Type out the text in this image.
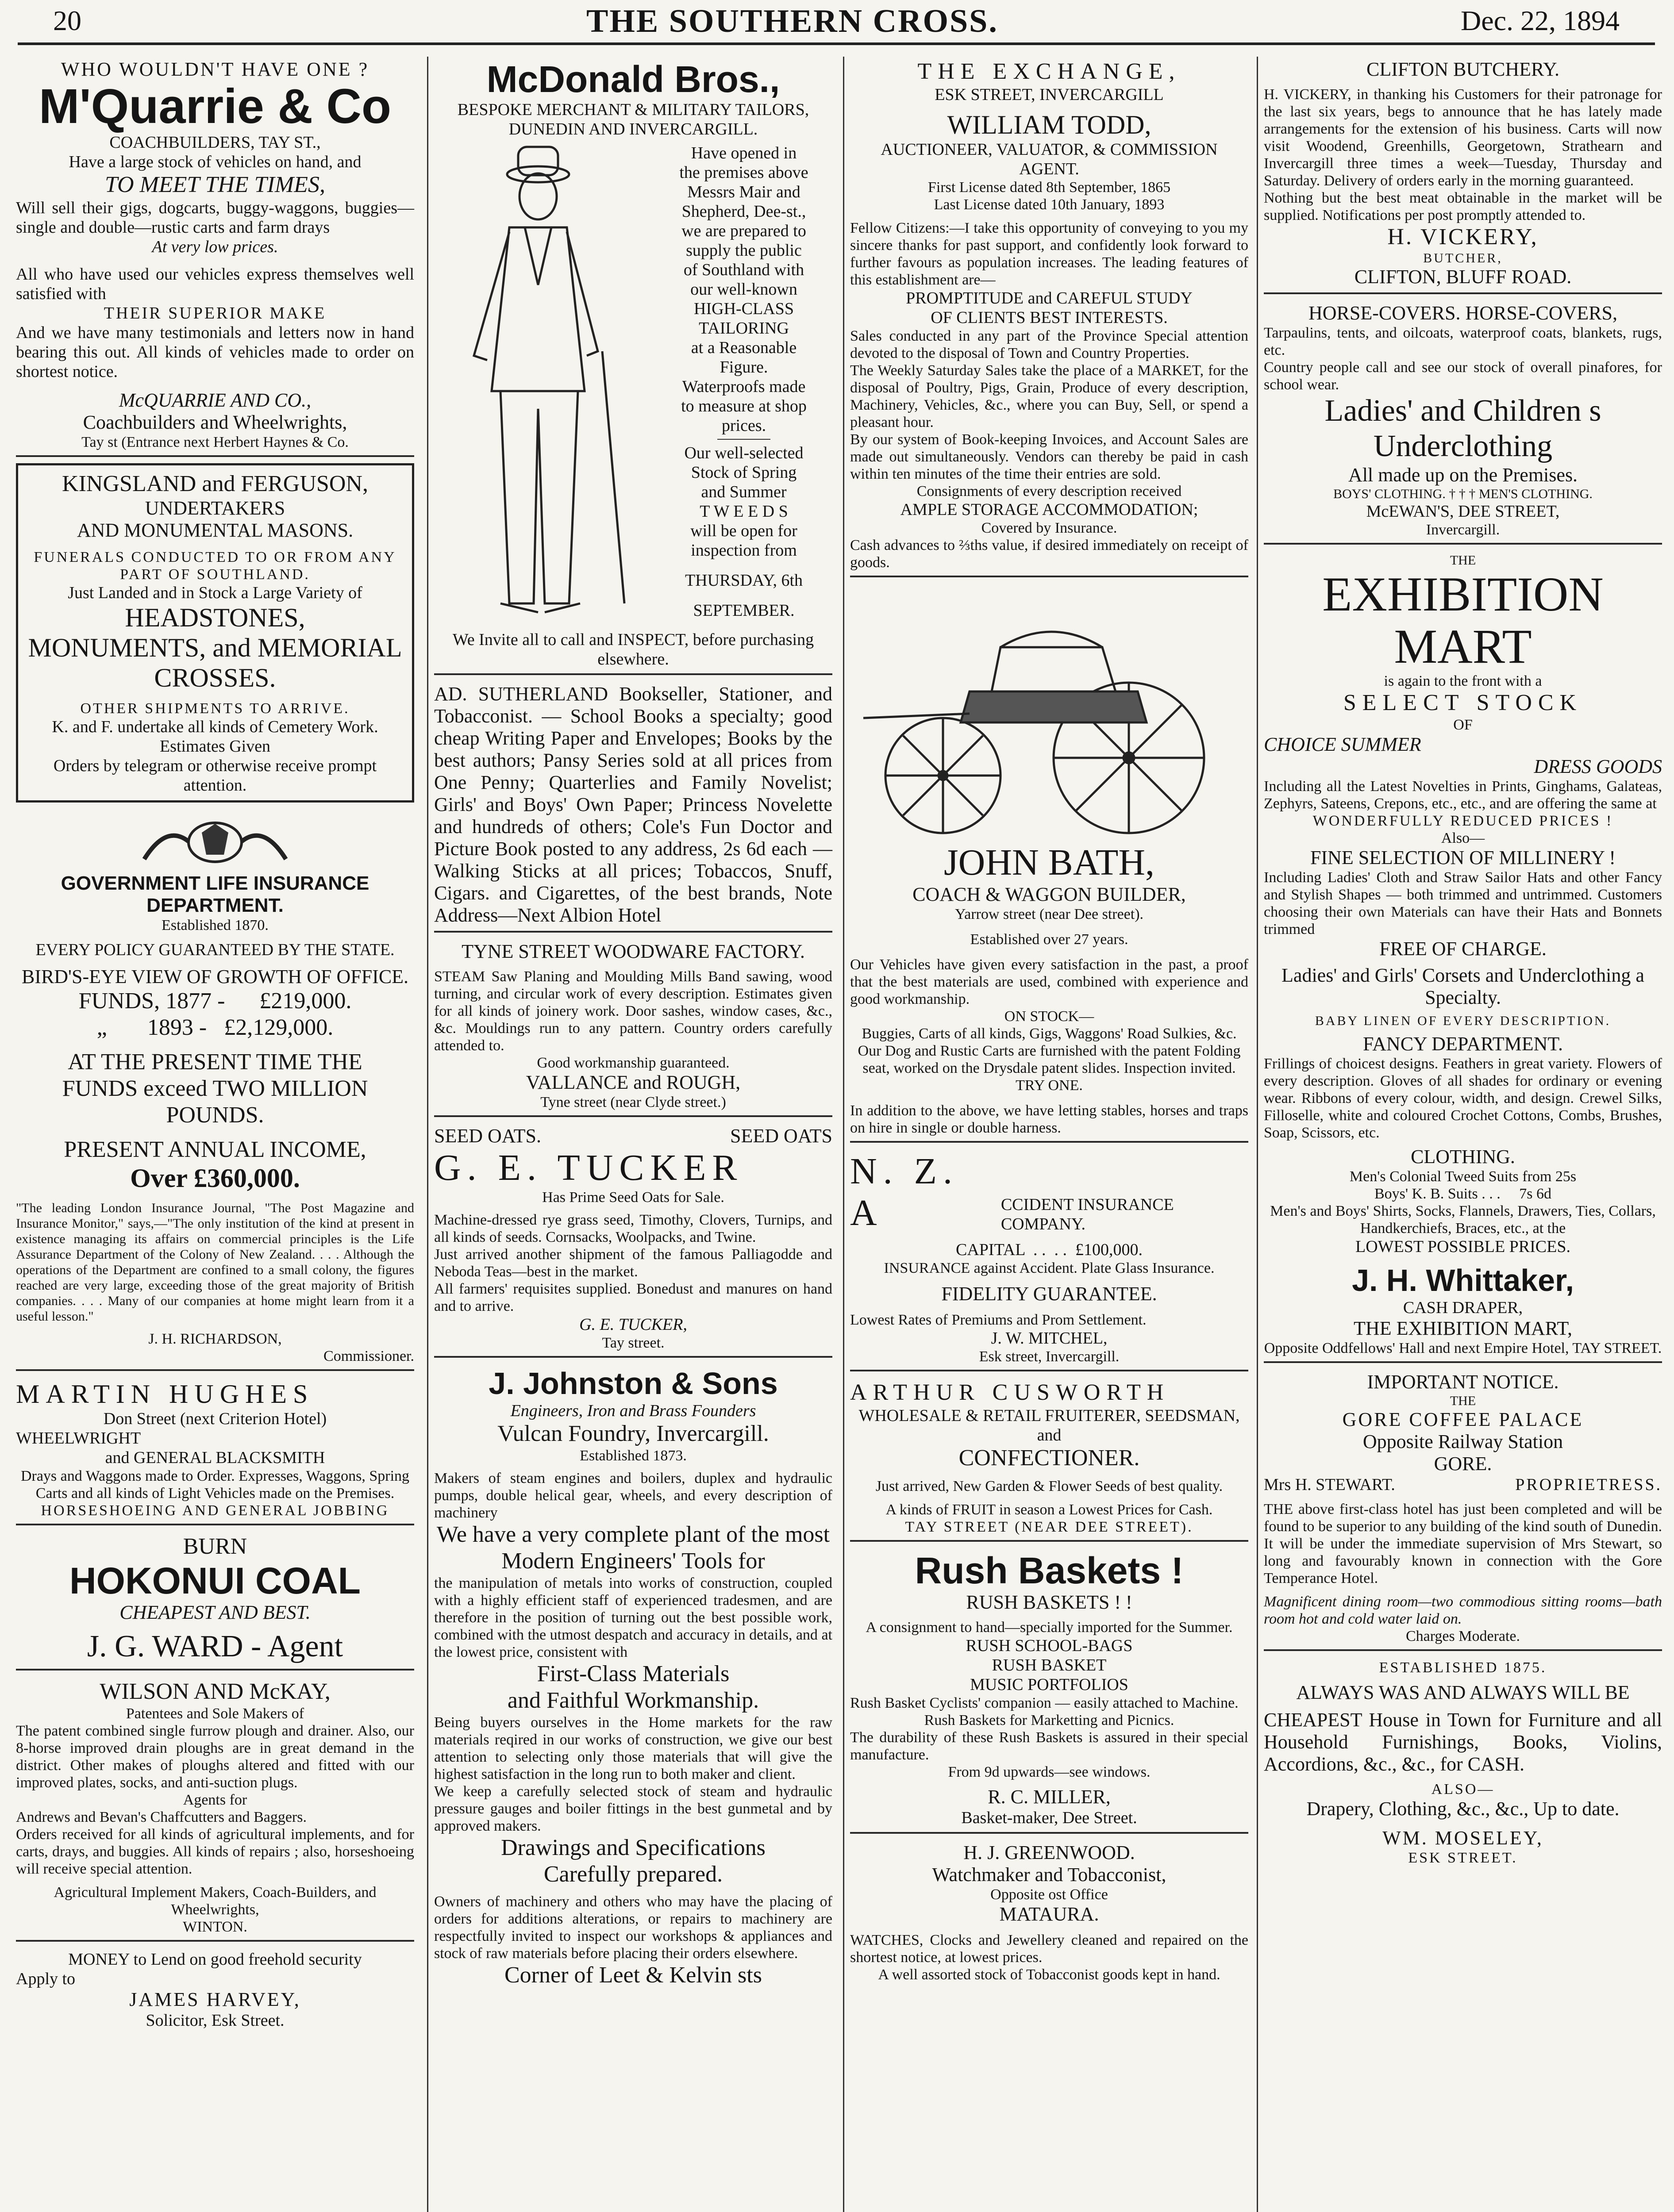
20	THE SOUTHERN CROSS.	Dec. 22, 1894
WHO WOULDN'T HAVE ONE ?
M'Quarrie & Co
COACHBUILDERS, TAY ST.,
Have a large stock of vehicles on hand, and
TO MEET THE TIMES,
Will sell their gigs, dogcarts, buggy-waggons, buggies—single and double—rustic carts and farm drays
At very low prices.
All who have used our vehicles express themselves well satisfied with
THEIR SUPERIOR MAKE
And we have many testimonials and letters now in hand bearing this out. All kinds of vehicles made to order on shortest notice.
McQUARRIE AND CO.,
Coachbuilders and Wheelwrights,
Tay st (Entrance next Herbert Haynes & Co.
KINGSLAND and FERGUSON,
UNDERTAKERS
AND MONUMENTAL MASONS.
FUNERALS CONDUCTED TO OR FROM ANY PART OF SOUTHLAND.
Just Landed and in Stock a Large Variety of
HEADSTONES,
MONUMENTS, and MEMORIAL CROSSES.
OTHER SHIPMENTS TO ARRIVE.
K. and F. undertake all kinds of Cemetery Work. Estimates Given
Orders by telegram or otherwise receive prompt attention.
GOVERNMENT LIFE INSURANCE DEPARTMENT.
Established 1870.
EVERY POLICY GUARANTEED BY THE STATE.
BIRD'S-EYE VIEW OF GROWTH OF OFFICE.
FUNDS, 1877 -      £219,000.
„       1893 -   £2,129,000.
AT THE PRESENT TIME THE
FUNDS exceed TWO MILLION POUNDS.
PRESENT ANNUAL INCOME,
Over £360,000.
"The leading London Insurance Journal, "The Post Magazine and Insurance Monitor," says,—"The only institution of the kind at present in existence managing its affairs on commercial principles is the Life Assurance Department of the Colony of New Zealand. . . . Although the operations of the Department are confined to a small colony, the figures reached are very large, exceeding those of the great majority of British companies. . . . Many of our companies at home might learn from it a useful lesson."
J. H. RICHARDSON,
Commissioner.
MARTIN HUGHES
Don Street (next Criterion Hotel)
WHEELWRIGHT
and GENERAL BLACKSMITH
Drays and Waggons made to Order. Expresses, Waggons, Spring Carts and all kinds of Light Vehicles made on the Premises.
HORSESHOEING AND GENERAL JOBBING
BURN
HOKONUI COAL
CHEAPEST AND BEST.
J. G. WARD - Agent
WILSON AND McKAY,
Patentees and Sole Makers of
The patent combined single furrow plough and drainer. Also, our 8-horse improved drain ploughs are in great demand in the district. Other makes of ploughs altered and fitted with our improved plates, socks, and anti-suction plugs.
Agents for
Andrews and Bevan's Chaffcutters and Baggers.
Orders received for all kinds of agricultural implements, and for carts, drays, and buggies. All kinds of repairs ; also, horseshoeing will receive special attention.
Agricultural Implement Makers, Coach-Builders, and Wheelwrights,
WINTON.
MONEY to Lend on good freehold security
Apply to
JAMES HARVEY,
Solicitor, Esk Street.
McDonald Bros.,
BESPOKE MERCHANT & MILITARY TAILORS,
DUNEDIN AND INVERCARGILL.
Have opened in
the premises above
Messrs Mair and
Shepherd, Dee-st.,
we are prepared to
supply the public
of Southland with
our well-known
HIGH-CLASS
TAILORING
at a Reasonable
Figure.
Waterproofs made
to measure at shop
prices.
Our well-selected
Stock of Spring
and Summer
T W E E D S
will be open for
inspection from
THURSDAY, 6th
SEPTEMBER.
We Invite all to call and INSPECT, before purchasing elsewhere.
AD. SUTHERLAND Bookseller, Stationer, and Tobacconist. — School Books a specialty; good cheap Writing Paper and Envelopes; Books by the best authors; Pansy Series sold at all prices from One Penny; Quarterlies and Family Novelist; Girls' and Boys' Own Paper; Princess Novelette and hundreds of others; Cole's Fun Doctor and Picture Book posted to any address, 2s 6d each —Walking Sticks at all prices; Tobaccos, Snuff, Cigars. and Cigarettes, of the best brands, Note Address—Next Albion Hotel
TYNE STREET WOODWARE FACTORY.
STEAM Saw Planing and Moulding Mills Band sawing, wood turning, and circular work of every description. Estimates given for all kinds of joinery work. Door sashes, window cases, &c., &c. Mouldings run to any pattern. Country orders carefully attended to.
Good workmanship guaranteed.
VALLANCE and ROUGH,
Tyne street (near Clyde street.)
SEED OATS.	SEED OATS
G. E. TUCKER
Has Prime Seed Oats for Sale.
Machine-dressed rye grass seed, Timothy, Clovers, Turnips, and all kinds of seeds. Cornsacks, Woolpacks, and Twine.
Just arrived another shipment of the famous Palliagodde and Neboda Teas—best in the market.
All farmers' requisites supplied. Bonedust and manures on hand and to arrive.
G. E. TUCKER,
Tay street.
J. Johnston & Sons
Engineers, Iron and Brass Founders
Vulcan Foundry, Invercargill.
Established 1873.
Makers of steam engines and boilers, duplex and hydraulic pumps, double helical gear, wheels, and every description of machinery
We have a very complete plant of the most
Modern Engineers' Tools for
the manipulation of metals into works of construction, coupled with a highly efficient staff of experienced tradesmen, and are therefore in the position of turning out the best possible work, combined with the utmost despatch and accuracy in details, and at the lowest price, consistent with
First-Class Materials
and Faithful Workmanship.
Being buyers ourselves in the Home markets for the raw materials reqired in our works of construction, we give our best attention to selecting only those materials that will give the highest satisfaction in the long run to both maker and client.
We keep a carefully selected stock of steam and hydraulic pressure gauges and boiler fittings in the best gunmetal and by approved makers.
Drawings and Specifications
Carefully prepared.
Owners of machinery and others who may have the placing of orders for additions alterations, or repairs to machinery are respectfully invited to inspect our workshops & appliances and stock of raw materials before placing their orders elsewhere.
Corner of Leet & Kelvin sts
THE EXCHANGE,
ESK STREET, INVERCARGILL
WILLIAM TODD,
AUCTIONEER, VALUATOR, & COMMISSION AGENT.
First License dated 8th September, 1865
Last License dated 10th January, 1893
Fellow Citizens:—I take this opportunity of conveying to you my sincere thanks for past support, and confidently look forward to further favours as population increases. The leading features of this establishment are—
PROMPTITUDE and CAREFUL STUDY
OF CLIENTS BEST INTERESTS.
Sales conducted in any part of the Province Special attention devoted to the disposal of Town and Country Properties.
The Weekly Saturday Sales take the place of a MARKET, for the disposal of Poultry, Pigs, Grain, Produce of every description, Machinery, Vehicles, &c., where you can Buy, Sell, or spend a pleasant hour.
By our system of Book-keeping Invoices, and Account Sales are made out simultaneously. Vendors can thereby be paid in cash within ten minutes of the time their entries are sold.
Consignments of every description received
AMPLE STORAGE ACCOMMODATION;
Covered by Insurance.
Cash advances to ⅔ths value, if desired immediately on receipt of goods.
JOHN BATH,
COACH & WAGGON BUILDER,
Yarrow street (near Dee street).
Established over 27 years.
Our Vehicles have given every satisfaction in the past, a proof that the best materials are used, combined with experience and good workmanship.
ON STOCK—
Buggies, Carts of all kinds, Gigs, Waggons' Road Sulkies, &c. Our Dog and Rustic Carts are furnished with the patent Folding seat, worked on the Drysdale patent slides. Inspection invited.
TRY ONE.
In addition to the above, we have letting stables, horses and traps on hire in single or double harness.
N. Z. A	CCIDENT INSURANCE COMPANY.
CAPITAL  . .  . .  £100,000.
INSURANCE against Accident. Plate Glass Insurance.
FIDELITY GUARANTEE.
Lowest Rates of Premiums and Prom Settlement.
J. W. MITCHEL,
Esk street, Invercargill.
ARTHUR CUSWORTH
WHOLESALE & RETAIL FRUITERER, SEEDSMAN, and
CONFECTIONER.
Just arrived, New Garden & Flower Seeds of best quality.
A kinds of FRUIT in season a Lowest Prices for Cash.
TAY STREET (NEAR DEE STREET).
Rush Baskets !
RUSH BASKETS ! !
A consignment to hand—specially imported for the Summer.
RUSH SCHOOL-BAGS
RUSH BASKET
MUSIC PORTFOLIOS
Rush Basket Cyclists' companion — easily attached to Machine.
Rush Baskets for Marketting and Picnics.
The durability of these Rush Baskets is assured in their special manufacture.
From 9d upwards—see windows.
R. C. MILLER,
Basket-maker, Dee Street.
H. J. GREENWOOD.
Watchmaker and Tobacconist,
Opposite ost Office
MATAURA.
WATCHES, Clocks and Jewellery cleaned and repaired on the shortest notice, at lowest prices.
A well assorted stock of Tobacconist goods kept in hand.
CLIFTON BUTCHERY.
H. VICKERY, in thanking his Customers for their patronage for the last six years, begs to announce that he has lately made arrangements for the extension of his business. Carts will now visit Woodend, Greenhills, Georgetown, Strathearn and Invercargill three times a week—Tuesday, Thursday and Saturday. Delivery of orders early in the morning guaranteed.
Nothing but the best meat obtainable in the market will be supplied. Notifications per post promptly attended to.
H. VICKERY,
BUTCHER,
CLIFTON, BLUFF ROAD.
HORSE-COVERS. HORSE-COVERS,
Tarpaulins, tents, and oilcoats, waterproof coats, blankets, rugs, etc.
Country people call and see our stock of overall pinafores, for school wear.
Ladies' and Children s
Underclothing
All made up on the Premises.
BOYS' CLOTHING. † † † MEN'S CLOTHING.
McEWAN'S, DEE STREET,
Invercargill.
THE
EXHIBITION
MART
is again to the front with a
SELECT STOCK
OF
CHOICE SUMMER
DRESS GOODS
Including all the Latest Novelties in Prints, Ginghams, Galateas, Zephyrs, Sateens, Crepons, etc., etc., and are offering the same at
WONDERFULLY REDUCED PRICES !
Also—
FINE SELECTION OF MILLINERY !
Including Ladies' Cloth and Straw Sailor Hats and other Fancy and Stylish Shapes — both trimmed and untrimmed. Customers choosing their own Materials can have their Hats and Bonnets trimmed
FREE OF CHARGE.
Ladies' and Girls' Corsets and Underclothing a Specialty.
BABY LINEN OF EVERY DESCRIPTION.
FANCY DEPARTMENT.
Frillings of choicest designs. Feathers in great variety. Flowers of every description. Gloves of all shades for ordinary or evening wear. Ribbons of every colour, width, and design. Crewel Silks, Filloselle, white and coloured Crochet Cottons, Combs, Brushes, Soap, Scissors, etc.
CLOTHING.
Men's Colonial Tweed Suits from 25s
Boys' K. B. Suits . . .     7s 6d
Men's and Boys' Shirts, Socks, Flannels, Drawers, Ties, Collars, Handkerchiefs, Braces, etc., at the
LOWEST POSSIBLE PRICES.
J. H. Whittaker,
CASH DRAPER,
THE EXHIBITION MART,
Opposite Oddfellows' Hall and next Empire Hotel, TAY STREET.
IMPORTANT NOTICE.
THE
GORE COFFEE PALACE
Opposite Railway Station
GORE.
Mrs H. STEWART.	PROPRIETRESS.
THE above first-class hotel has just been completed and will be found to be superior to any building of the kind south of Dunedin. It will be under the immediate supervision of Mrs Stewart, so long and favourably known in connection with the Gore Temperance Hotel.
Magnificent dining room—two commodious sitting rooms—bath room hot and cold water laid on.
Charges Moderate.
ESTABLISHED 1875.
ALWAYS WAS AND ALWAYS WILL BE
CHEAPEST House in Town for Furniture and all Household Furnishings, Books, Violins, Accordions, &c., &c., for CASH.
ALSO—
Drapery, Clothing, &c., &c., Up to date.
WM. MOSELEY,
ESK STREET.
